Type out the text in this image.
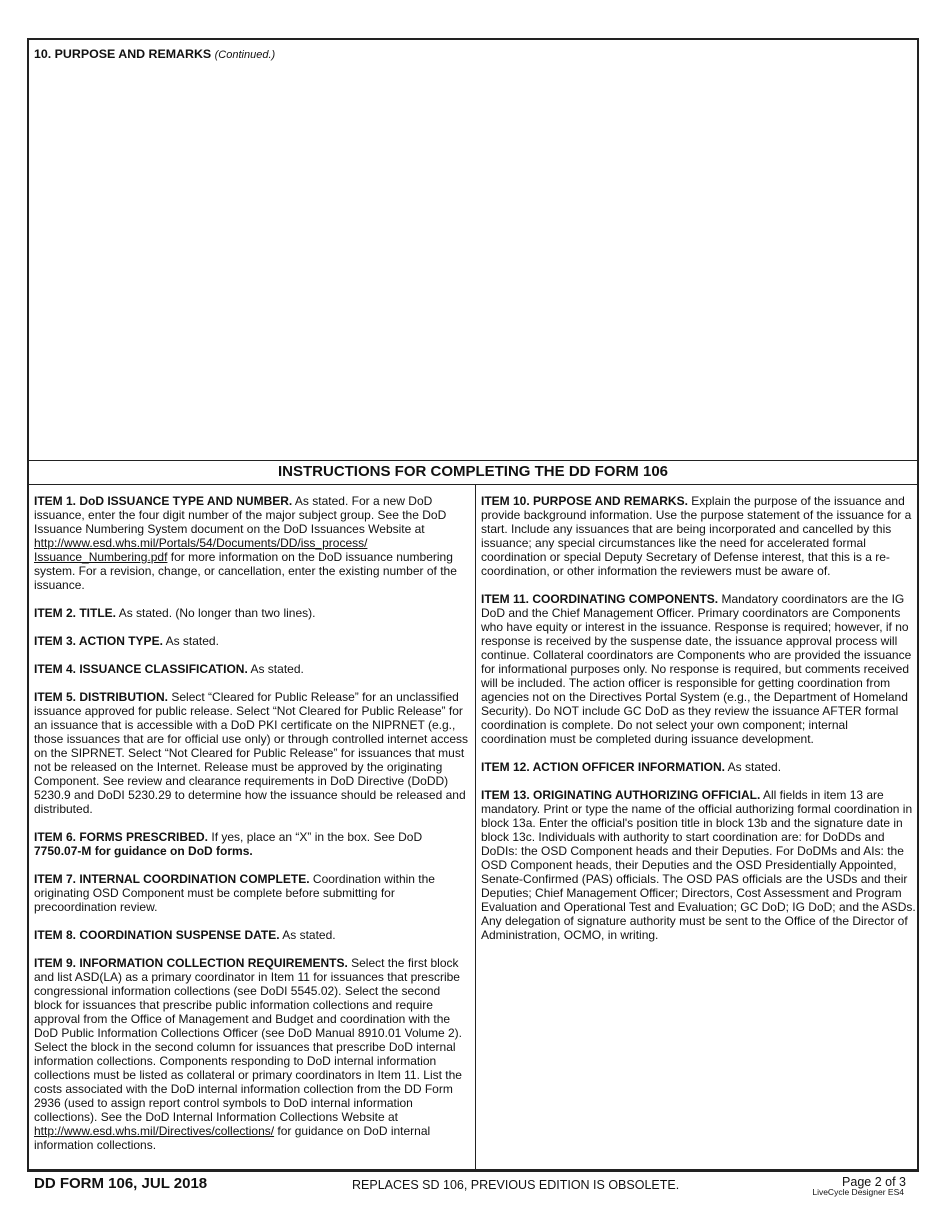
10. PURPOSE AND REMARKS (Continued.)
INSTRUCTIONS FOR COMPLETING THE DD FORM 106

ITEM 1. DoD ISSUANCE TYPE AND NUMBER. As stated. For a new DoD issuance, enter the four digit number of the major subject group. See the DoD Issuance Numbering System document on the DoD Issuances Website at http://www.esd.whs.mil/Portals/54/Documents/DD/iss_process/ Issuance_Numbering.pdf for more information on the DoD issuance numbering system. For a revision, change, or cancellation, enter the existing number of the issuance.

ITEM 2. TITLE. As stated. (No longer than two lines).

ITEM 3. ACTION TYPE. As stated.

ITEM 4. ISSUANCE CLASSIFICATION. As stated.

ITEM 5. DISTRIBUTION. Select “Cleared for Public Release” for an unclassified issuance approved for public release. Select “Not Cleared for Public Release” for an issuance that is accessible with a DoD PKI certificate on the NIPRNET (e.g., those issuances that are for official use only) or through controlled internet access on the SIPRNET. Select “Not Cleared for Public Release” for issuances that must not be released on the Internet. Release must be approved by the originating Component. See review and clearance requirements in DoD Directive (DoDD) 5230.9 and DoDI 5230.29 to determine how the issuance should be released and distributed.

ITEM 6. FORMS PRESCRIBED. If yes, place an “X” in the box. See DoD 7750.07-M for guidance on DoD forms.

ITEM 7. INTERNAL COORDINATION COMPLETE. Coordination within the originating OSD Component must be complete before submitting for precoordination review.

ITEM 8. COORDINATION SUSPENSE DATE. As stated.

ITEM 9. INFORMATION COLLECTION REQUIREMENTS. Select the first block and list ASD(LA) as a primary coordinator in Item 11 for issuances that prescribe congressional information collections (see DoDI 5545.02). Select the second block for issuances that prescribe public information collections and require approval from the Office of Management and Budget and coordination with the DoD Public Information Collections Officer (see DoD Manual 8910.01 Volume 2). Select the block in the second column for issuances that prescribe DoD internal information collections. Components responding to DoD internal information collections must be listed as collateral or primary coordinators in Item 11. List the costs associated with the DoD internal information collection from the DD Form 2936 (used to assign report control symbols to DoD internal information collections). See the DoD Internal Information Collections Website at http://www.esd.whs.mil/Directives/collections/ for guidance on DoD internal information collections.

ITEM 10. PURPOSE AND REMARKS. Explain the purpose of the issuance and provide background information. Use the purpose statement of the issuance for a start. Include any issuances that are being incorporated and cancelled by this issuance; any special circumstances like the need for accelerated formal coordination or special Deputy Secretary of Defense interest, that this is a re-coordination, or other information the reviewers must be aware of.

ITEM 11. COORDINATING COMPONENTS. Mandatory coordinators are the IG DoD and the Chief Management Officer. Primary coordinators are Components who have equity or interest in the issuance. Response is required; however, if no response is received by the suspense date, the issuance approval process will continue. Collateral coordinators are Components who are provided the issuance for informational purposes only. No response is required, but comments received will be included. The action officer is responsible for getting coordination from agencies not on the Directives Portal System (e.g., the Department of Homeland Security). Do NOT include GC DoD as they review the issuance AFTER formal coordination is complete. Do not select your own component; internal coordination must be completed during issuance development.

ITEM 12. ACTION OFFICER INFORMATION. As stated.

ITEM 13. ORIGINATING AUTHORIZING OFFICIAL. All fields in item 13 are mandatory. Print or type the name of the official authorizing formal coordination in block 13a. Enter the official's position title in block 13b and the signature date in block 13c. Individuals with authority to start coordination are: for DoDDs and DoDIs: the OSD Component heads and their Deputies. For DoDMs and AIs: the OSD Component heads, their Deputies and the OSD Presidentially Appointed, Senate-Confirmed (PAS) officials. The OSD PAS officials are the USDs and their Deputies; Chief Management Officer; Directors, Cost Assessment and Program Evaluation and Operational Test and Evaluation; GC DoD; IG DoD; and the ASDs. Any delegation of signature authority must be sent to the Office of the Director of Administration, OCMO, in writing.

DD FORM 106, JUL 2018	REPLACES SD 106, PREVIOUS EDITION IS OBSOLETE.	Page 2 of 3
LiveCycle Designer ES4
